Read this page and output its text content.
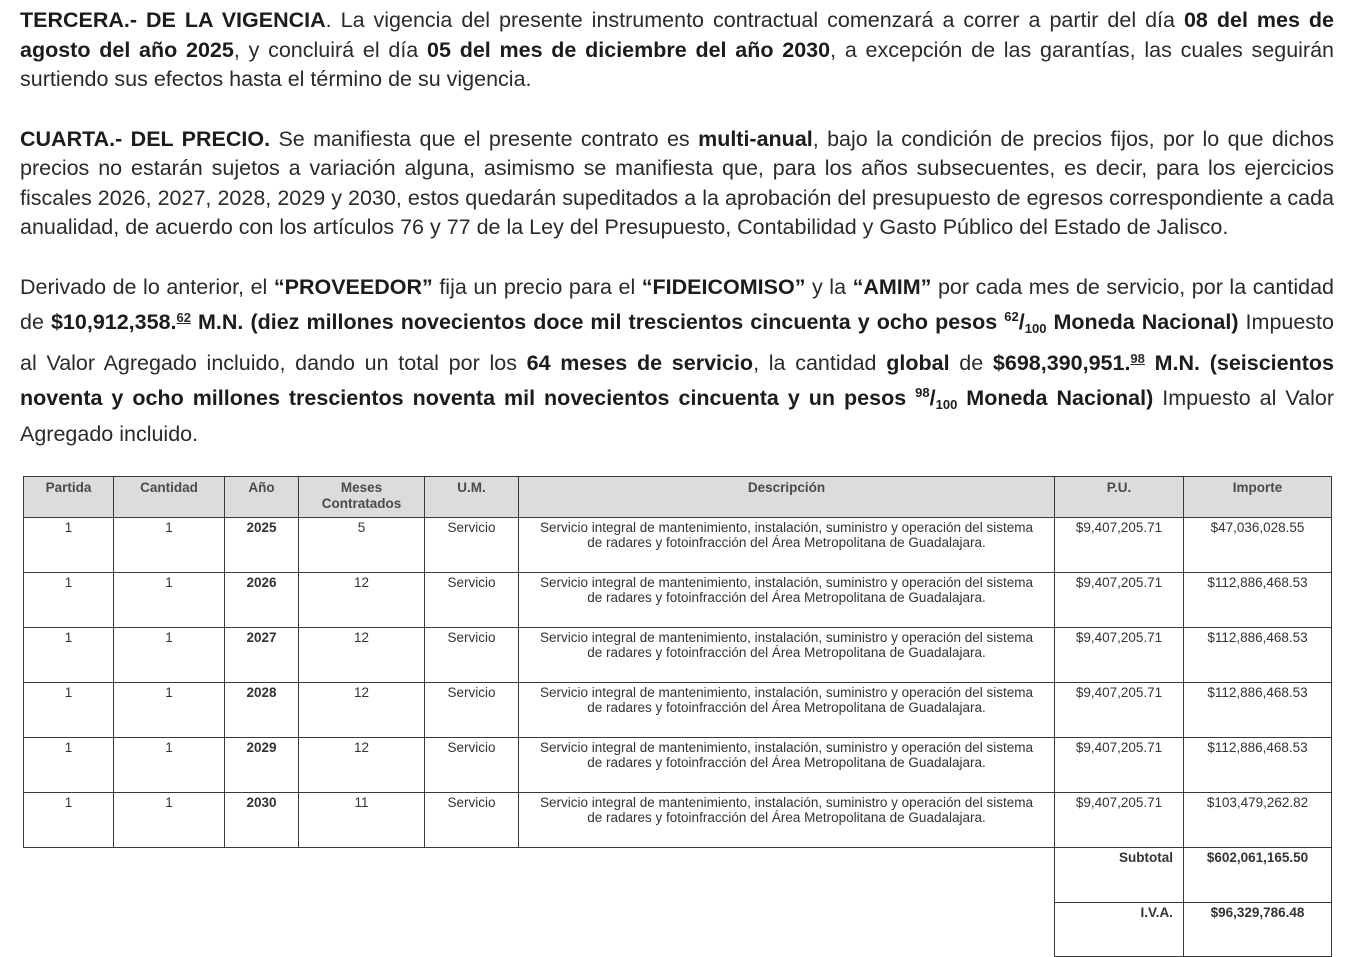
TERCERA.- DE LA VIGENCIA. La vigencia del presente instrumento contractual comenzará a correr a partir del día 08 del mes de agosto del año 2025, y concluirá el día 05 del mes de diciembre del año 2030, a excepción de las garantías, las cuales seguirán surtiendo sus efectos hasta el término de su vigencia.

CUARTA.- DEL PRECIO. Se manifiesta que el presente contrato es multi-anual, bajo la condición de precios fijos, por lo que dichos precios no estarán sujetos a variación alguna, asimismo se manifiesta que, para los años subsecuentes, es decir, para los ejercicios fiscales 2026, 2027, 2028, 2029 y 2030, estos quedarán supeditados a la aprobación del presupuesto de egresos correspondiente a cada anualidad, de acuerdo con los artículos 76 y 77 de la Ley del Presupuesto, Contabilidad y Gasto Público del Estado de Jalisco.

Derivado de lo anterior, el “PROVEEDOR” fija un precio para el “FIDEICOMISO” y la “AMIM” por cada mes de servicio, por la cantidad de $10,912,358.62 M.N. (diez millones novecientos doce mil trescientos cincuenta y ocho pesos $^{62}$/100 Moneda Nacional) Impuesto al Valor Agregado incluido, dando un total por los 64 meses de servicio, la cantidad global de $698,390,951.98 M.N. (seiscientos noventa y ocho millones trescientos noventa mil novecientos cincuenta y un pesos $^{98}$/100 Moneda Nacional) Impuesto al Valor Agregado incluido.

Partida	Cantidad	Año	Meses Contratados	U.M.	Descripción	P.U.	Importe
1	1	2025	5	Servicio	Servicio integral de mantenimiento, instalación, suministro y operación del sistema de radares y fotoinfracción del Área Metropolitana de Guadalajara.	$9,407,205.71	$47,036,028.55
1	1	2026	12	Servicio	Servicio integral de mantenimiento, instalación, suministro y operación del sistema de radares y fotoinfracción del Área Metropolitana de Guadalajara.	$9,407,205.71	$112,886,468.53
1	1	2027	12	Servicio	Servicio integral de mantenimiento, instalación, suministro y operación del sistema de radares y fotoinfracción del Área Metropolitana de Guadalajara.	$9,407,205.71	$112,886,468.53
1	1	2028	12	Servicio	Servicio integral de mantenimiento, instalación, suministro y operación del sistema de radares y fotoinfracción del Área Metropolitana de Guadalajara.	$9,407,205.71	$112,886,468.53
1	1	2029	12	Servicio	Servicio integral de mantenimiento, instalación, suministro y operación del sistema de radares y fotoinfracción del Área Metropolitana de Guadalajara.	$9,407,205.71	$112,886,468.53
1	1	2030	11	Servicio	Servicio integral de mantenimiento, instalación, suministro y operación del sistema de radares y fotoinfracción del Área Metropolitana de Guadalajara.	$9,407,205.71	$103,479,262.82
						Subtotal	$602,061,165.50
						I.V.A.	$96,329,786.48
